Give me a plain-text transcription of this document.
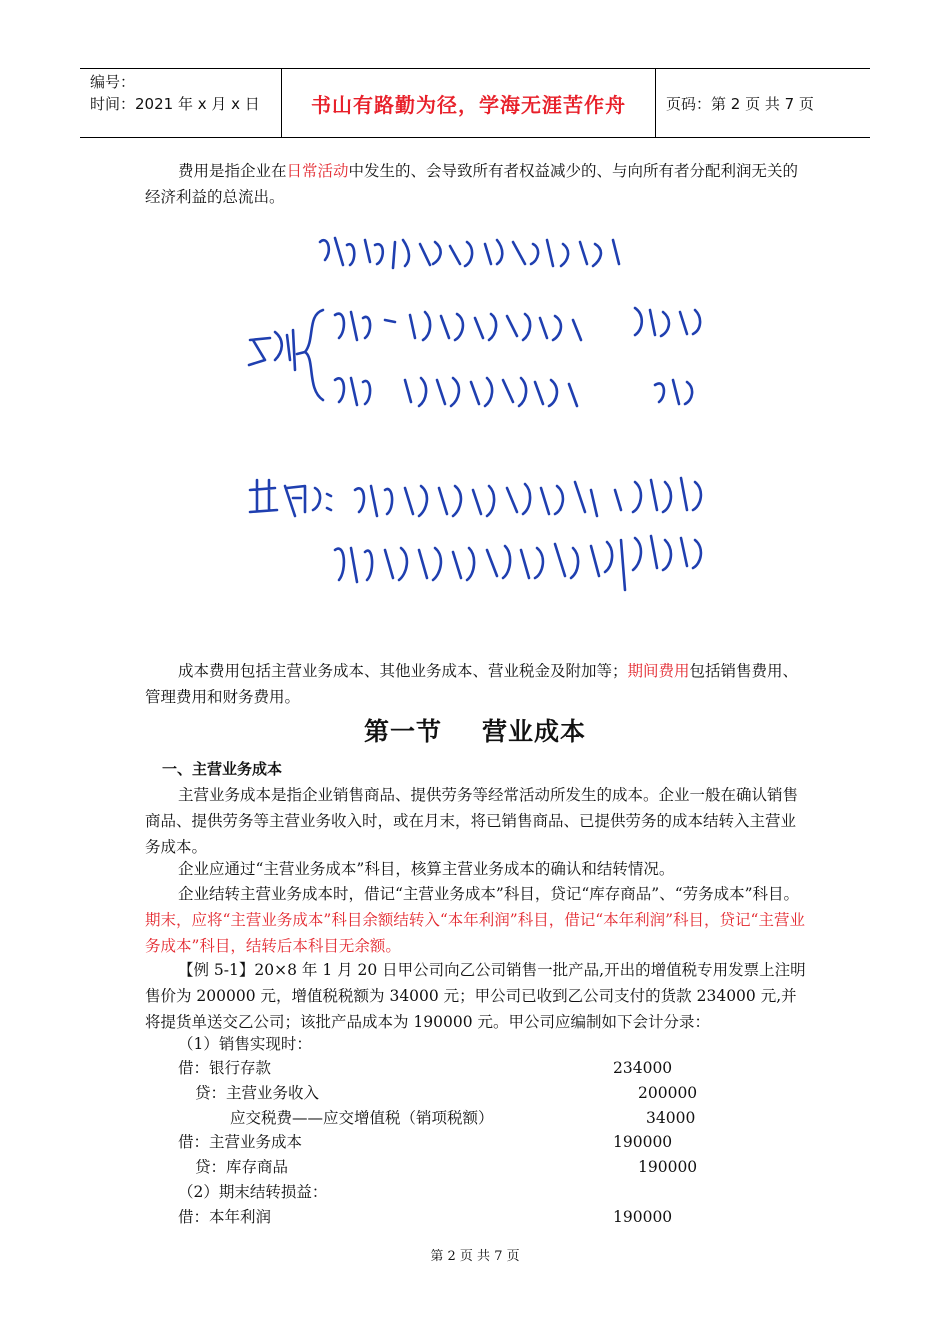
编号：
时间：2021 年 x 月 x 日	书山有路勤为径，学海无涯苦作舟	页码：第 2 页 共 7 页

费用是指企业在日常活动中发生的、会导致所有者权益减少的、与向所有者分配利润无关的经济利益的总流出。

成本费用包括主营业务成本、其他业务成本、营业税金及附加等；期间费用包括销售费用、管理费用和财务费用。

第一节 营业成本
一、主营业务成本

主营业务成本是指企业销售商品、提供劳务等经常活动所发生的成本。企业一般在确认销售商品、提供劳务等主营业务收入时，或在月末，将已销售商品、已提供劳务的成本结转入主营业务成本。

企业应通过“主营业务成本”科目，核算主营业务成本的确认和结转情况。

企业结转主营业务成本时，借记“主营业务成本”科目，贷记“库存商品”、“劳务成本”科目。期末，应将“主营业务成本”科目余额结转入“本年利润”科目，借记“本年利润”科目，贷记“主营业务成本”科目，结转后本科目无余额。

【例 5-1】20×8 年 1 月 20 日甲公司向乙公司销售一批产品,开出的增值税专用发票上注明售价为 200000 元，增值税税额为 34000 元；甲公司已收到乙公司支付的货款 234000 元,并将提货单送交乙公司；该批产品成本为 190000 元。甲公司应编制如下会计分录：

（1）销售实现时：
借：银行存款	234000
贷：主营业务收入	200000
应交税费——应交增值税（销项税额）	34000
借：主营业务成本	190000
贷：库存商品	190000
（2）期末结转损益：
借：本年利润	190000
第 2 页 共 7 页
